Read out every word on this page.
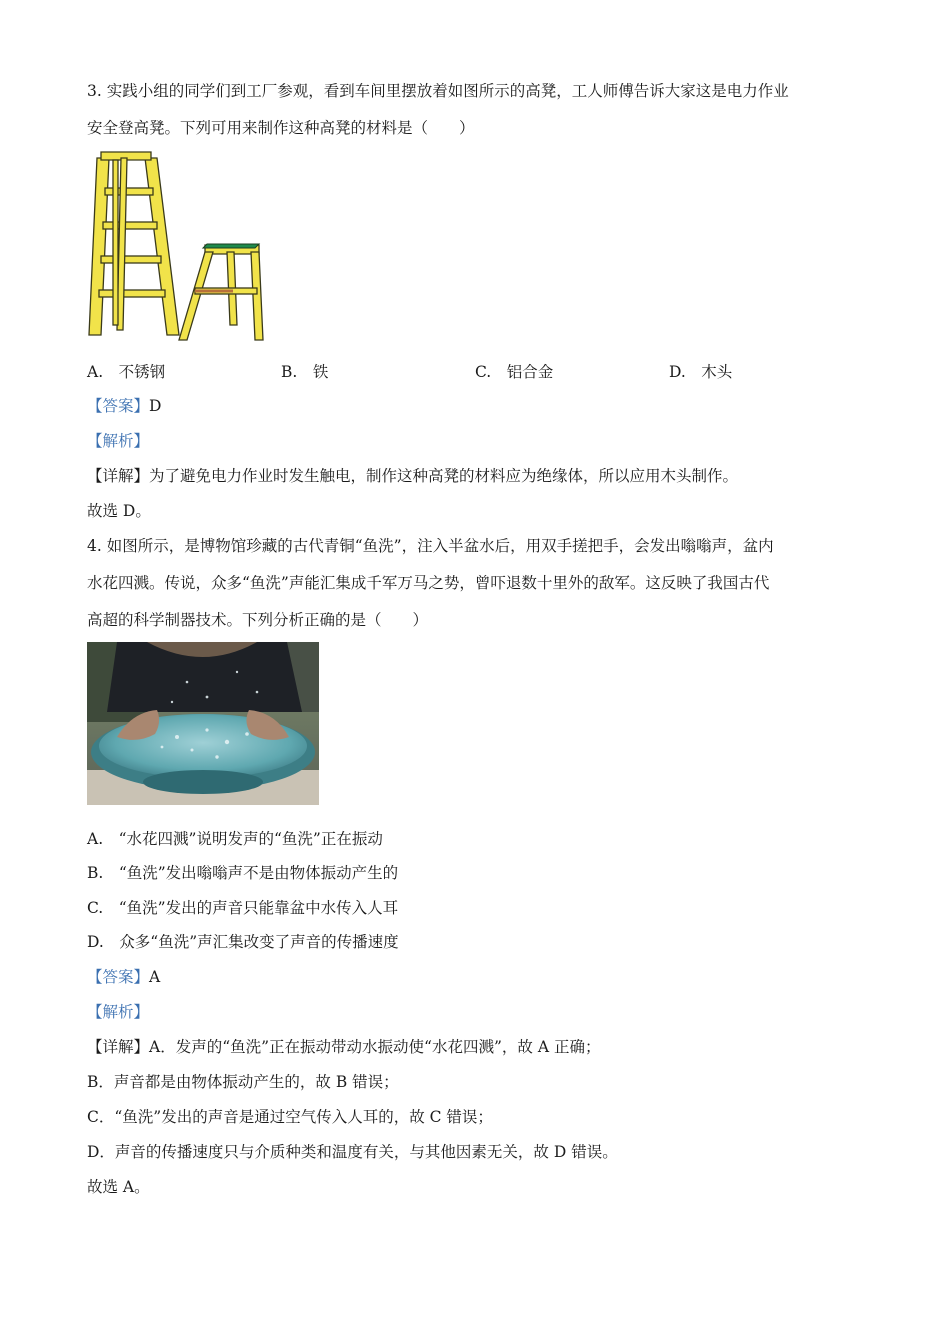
3. 实践小组的同学们到工厂参观，看到车间里摆放着如图所示的高凳，工人师傅告诉大家这是电力作业
安全登高凳。下列可用来制作这种高凳的材料是（　　）
A.　不锈钢	B.　铁	C.　铝合金	D.　木头
【答案】D
【解析】
【详解】为了避免电力作业时发生触电，制作这种高凳的材料应为绝缘体，所以应用木头制作。
故选 D。
4. 如图所示，是博物馆珍藏的古代青铜“鱼洗”，注入半盆水后，用双手搓把手，会发出嗡嗡声，盆内
水花四溅。传说，众多“鱼洗”声能汇集成千军万马之势，曾吓退数十里外的敌军。这反映了我国古代
高超的科学制器技术。下列分析正确的是（　　）
A.　“水花四溅”说明发声的“鱼洗”正在振动
B.　“鱼洗”发出嗡嗡声不是由物体振动产生的
C.　“鱼洗”发出的声音只能靠盆中水传入人耳
D.　众多“鱼洗”声汇集改变了声音的传播速度
【答案】A
【解析】
【详解】A．发声的“鱼洗”正在振动带动水振动使“水花四溅”，故 A 正确；
B．声音都是由物体振动产生的，故 B 错误；
C．“鱼洗”发出的声音是通过空气传入人耳的，故 C 错误；
D．声音的传播速度只与介质种类和温度有关，与其他因素无关，故 D 错误。
故选 A。
